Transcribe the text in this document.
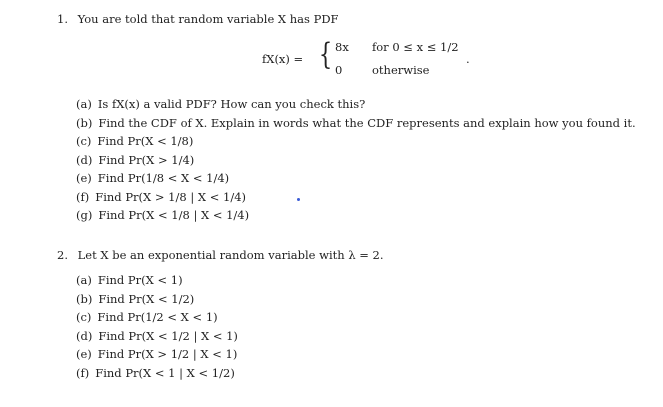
1. You are told that random variable X has PDF
fX(x) = { 8x for 0 ≤ x ≤ 1/2
0	otherwise
.
(a) Is fX(x) a valid PDF? How can you check this?
(b) Find the CDF of X. Explain in words what the CDF represents and explain how you found it.
(c) Find Pr(X < 1/8)
(d) Find Pr(X > 1/4)
(e) Find Pr(1/8 < X < 1/4)
(f) Find Pr(X > 1/8 | X < 1/4)
(g) Find Pr(X < 1/8 | X < 1/4)
2. Let X be an exponential random variable with λ = 2.
(a) Find Pr(X < 1)
(b) Find Pr(X < 1/2)
(c) Find Pr(1/2 < X < 1)
(d) Find Pr(X < 1/2 | X < 1)
(e) Find Pr(X > 1/2 | X < 1)
(f) Find Pr(X < 1 | X < 1/2)
